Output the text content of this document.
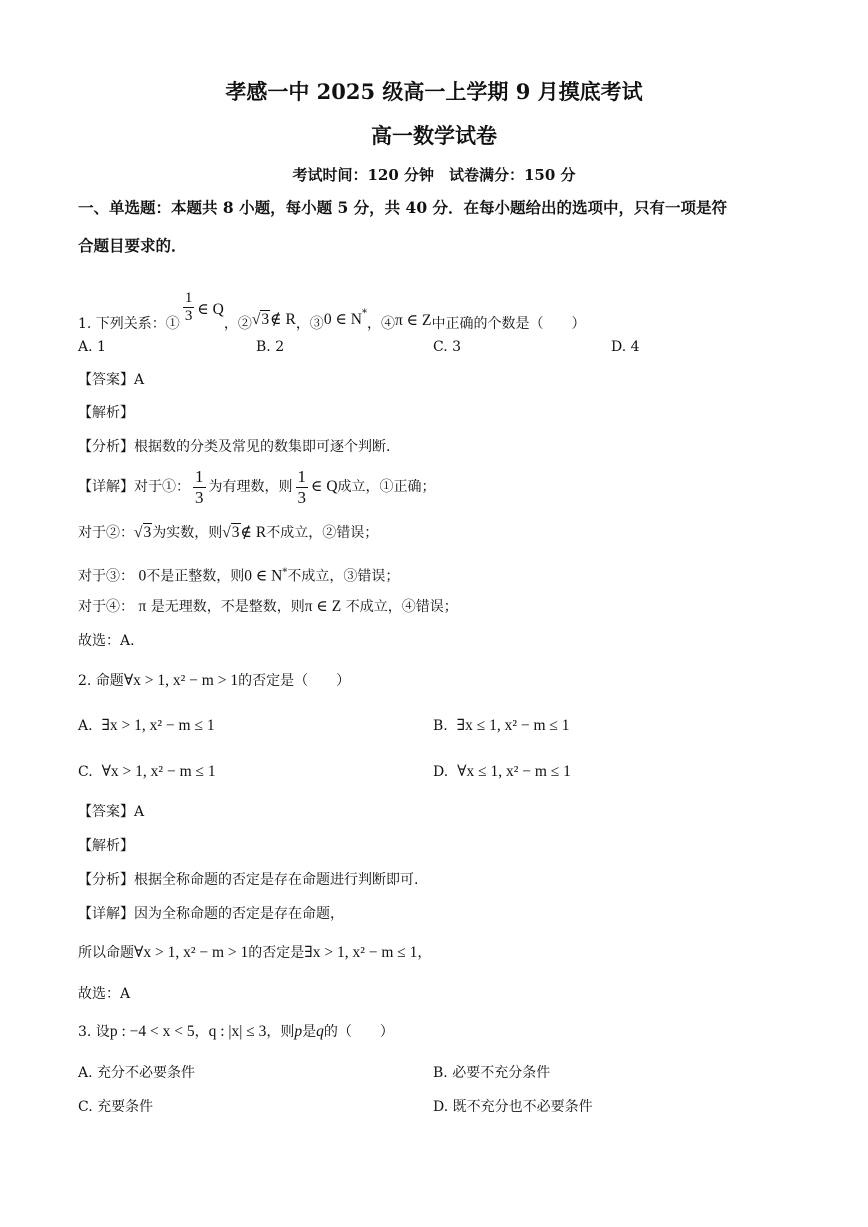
孝感一中 2025 级高一上学期 9 月摸底考试
高一数学试卷
考试时间：120 分钟　试卷满分：150 分
一、单选题：本题共 8 小题，每小题 5 分，共 40 分．在每小题给出的选项中，只有一项是符
合题目要求的．
1. 下列关系：① $\frac{1}{3}$ ∈ Q，②√3∉ R，③0 ∈ N*，④π ∈ Z中正确的个数是（　　）
A. 1	B. 2	C. 3	D. 4
【答案】A
【解析】
【分析】根据数的分类及常见的数集即可逐个判断.
【详解】对于①： $\frac{1}{3}$ 为有理数，则 $\frac{1}{3}$ ∈ Q成立，①正确；
对于②：√3为实数，则√3∉ R不成立，②错误；
对于③： 0不是正整数，则0 ∈ N*不成立，③错误；
对于④： π 是无理数，不是整数，则π ∈ Z 不成立，④错误；
故选：A.
2. 命题∀x > 1, x² − m > 1的否定是（　　）
A. ∃x > 1, x² − m ≤ 1	B. ∃x ≤ 1, x² − m ≤ 1
C. ∀x > 1, x² − m ≤ 1	D. ∀x ≤ 1, x² − m ≤ 1
【答案】A
【解析】
【分析】根据全称命题的否定是存在命题进行判断即可.
【详解】因为全称命题的否定是存在命题，
所以命题∀x > 1, x² − m > 1的否定是∃x > 1, x² − m ≤ 1，
故选：A
3. 设p : −4 < x < 5，q : |x| ≤ 3，则p是q的（　　）
A. 充分不必要条件	B. 必要不充分条件
C. 充要条件	D. 既不充分也不必要条件
